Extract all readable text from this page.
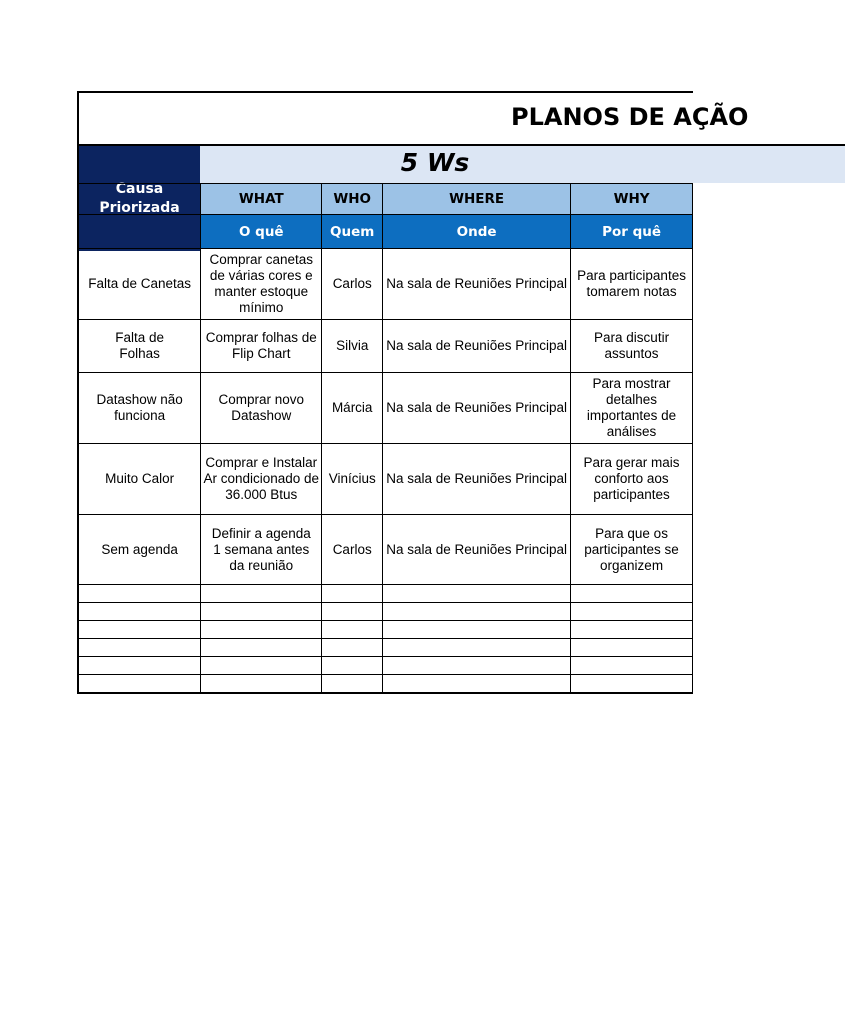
PLANOS DE AÇÃO
5 Ws
Causa Priorizada
	WHAT	WHO	WHERE	WHY
	O quê	Quem	Onde	Por quê
Falta de Canetas	Comprar canetas de várias cores e manter estoque mínimo	Carlos	Na sala de Reuniões Principal	Para participantes tomarem notas

Falta de Folhas	Comprar folhas de Flip Chart	Silvia	Na sala de Reuniões Principal	Para discutir assuntos

Datashow não funciona	Comprar novo Datashow	Márcia	Na sala de Reuniões Principal	Para mostrar detalhes importantes de análises

Muito Calor	Comprar e Instalar Ar condicionado de 36.000 Btus	Vinícius	Na sala de Reuniões Principal	Para gerar mais conforto aos participantes

Sem agenda	Definir a agenda 1 semana antes da reunião	Carlos	Na sala de Reuniões Principal	Para que os participantes se organizem
